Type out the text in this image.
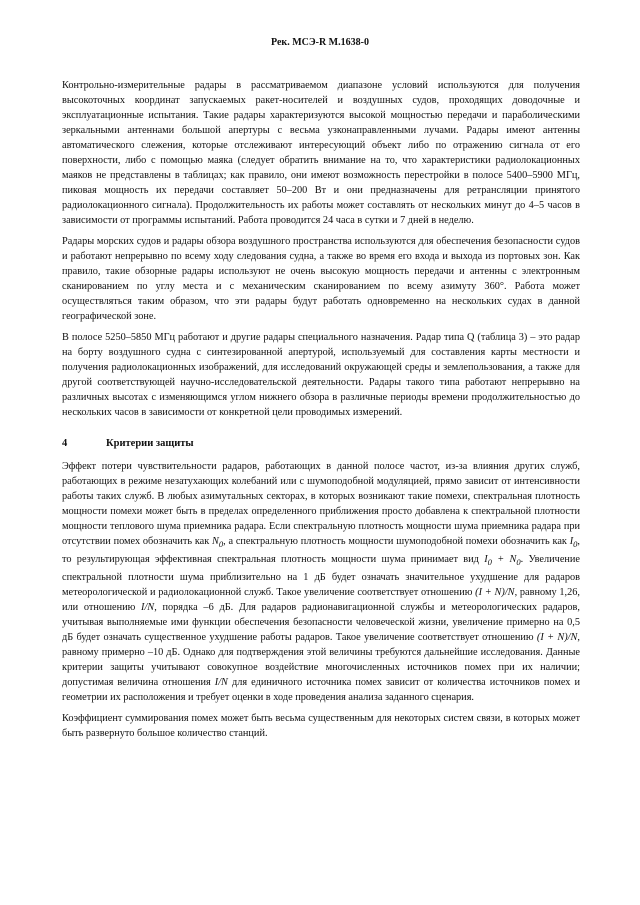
Рек. МСЭ-R M.1638-0

Контрольно-измерительные радары в рассматриваемом диапазоне условий используются для получения высокоточных координат запускаемых ракет-носителей и воздушных судов, проходящих доводочные и эксплуатационные испытания. Такие радары характеризуются высокой мощностью передачи и параболическими зеркальными антеннами большой апертуры с весьма узконаправленными лучами. Радары имеют антенны автоматического слежения, которые отслеживают интересующий объект либо по отражению сигнала от его поверхности, либо с помощью маяка (следует обратить внимание на то, что характеристики радиолокационных маяков не представлены в таблицах; как правило, они имеют возможность перестройки в полосе 5400–5900 МГц, пиковая мощность их передачи составляет 50–200 Вт и они предназначены для ретрансляции принятого радиолокационного сигнала). Продолжительность их работы может составлять от нескольких минут до 4–5 часов в зависимости от программы испытаний. Работа проводится 24 часа в сутки и 7 дней в неделю.

Радары морских судов и радары обзора воздушного пространства используются для обеспечения безопасности судов и работают непрерывно по всему ходу следования судна, а также во время его входа и выхода из портовых зон. Как правило, такие обзорные радары используют не очень высокую мощность передачи и антенны с электронным сканированием по углу места и с механическим сканированием по всему азимуту 360°. Работа может осуществляться таким образом, что эти радары будут работать одновременно на нескольких судах в данной географической зоне.

В полосе 5250–5850 МГц работают и другие радары специального назначения. Радар типа Q (таблица 3) – это радар на борту воздушного судна с синтезированной апертурой, используемый для составления карты местности и получения радиолокационных изображений, для исследований окружающей среды и землепользования, а также для другой соответствующей научно-исследовательской деятельности. Радары такого типа работают непрерывно на различных высотах с изменяющимся углом нижнего обзора в различные периоды времени продолжительностью до нескольких часов в зависимости от конкретной цели проводимых измерений.

4	Критерии защиты

Эффект потери чувствительности радаров, работающих в данной полосе частот, из-за влияния других служб, работающих в режиме незатухающих колебаний или с шумоподобной модуляцией, прямо зависит от интенсивности работы таких служб. В любых азимутальных секторах, в которых возникают такие помехи, спектральная плотность мощности помехи может быть в пределах определенного приближения просто добавлена к спектральной плотности мощности теплового шума приемника радара. Если спектральную плотность мощности шума приемника радара при отсутствии помех обозначить как $N_0$, а спектральную плотность мощности шумоподобной помехи обозначить как $I_0$, то результирующая эффективная спектральная плотность мощности шума принимает вид $I_0 + N_0$. Увеличение спектральной плотности шума приблизительно на 1 дБ будет означать значительное ухудшение для радаров метеорологической и радиолокационной служб. Такое увеличение соответствует отношению (I + N)/N, равному 1,26, или отношению I/N, порядка –6 дБ. Для радаров радионавигационной службы и метеорологических радаров, учитывая выполняемые ими функции обеспечения безопасности человеческой жизни, увеличение примерно на 0,5 дБ будет означать существенное ухудшение работы радаров. Такое увеличение соответствует отношению (I + N)/N, равному примерно –10 дБ. Однако для подтверждения этой величины требуются дальнейшие исследования. Данные критерии защиты учитывают совокупное воздействие многочисленных источников помех при их наличии; допустимая величина отношения I/N для единичного источника помех зависит от количества источников помех и геометрии их расположения и требует оценки в ходе проведения анализа заданного сценария.

Коэффициент суммирования помех может быть весьма существенным для некоторых систем связи, в которых может быть развернуто большое количество станций.
